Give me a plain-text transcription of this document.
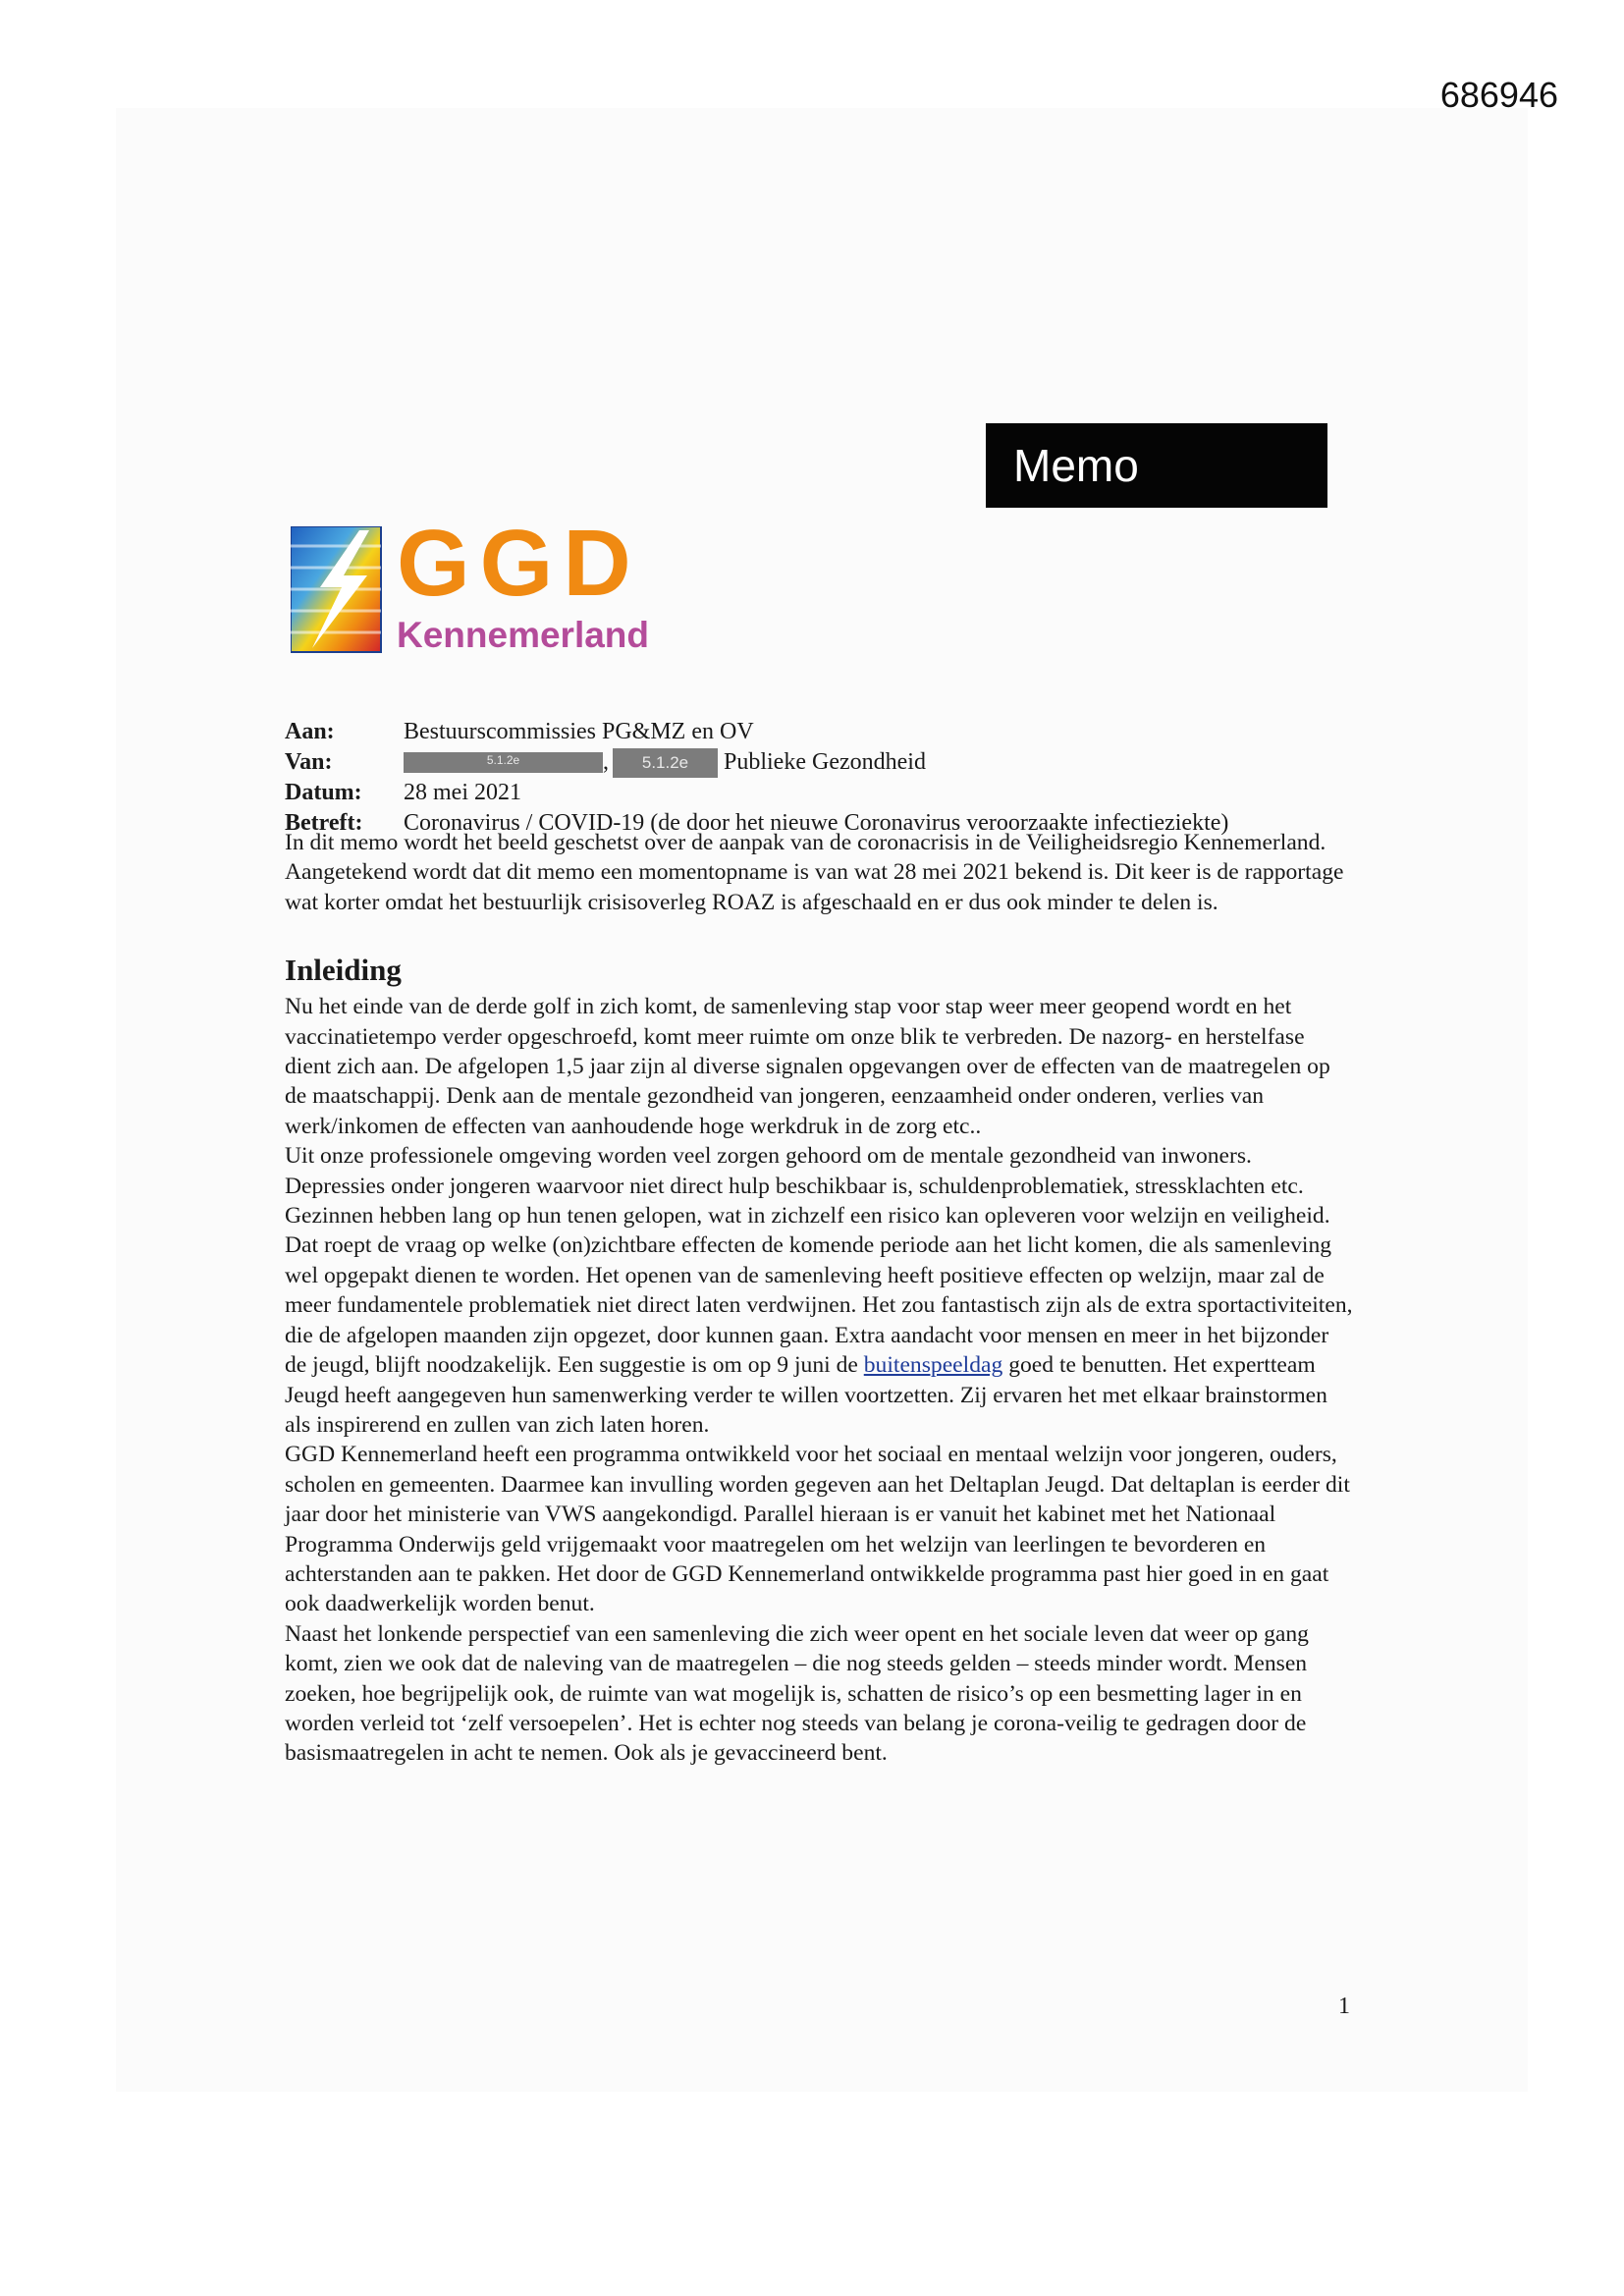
686946
Memo
GGD
Kennemerland
Aan:	Bestuurscommissies PG&MZ en OV
Van:	5.1.2e	,	5.1.2e	Publieke Gezondheid
Datum:	28 mei 2021
Betreft:	Coronavirus / COVID-19 (de door het nieuwe Coronavirus veroorzaakte infectieziekte)

In dit memo wordt het beeld geschetst over de aanpak van de coronacrisis in de Veiligheidsregio Kennemerland. Aangetekend wordt dat dit memo een momentopname is van wat 28 mei 2021 bekend is. Dit keer is de rapportage wat korter omdat het bestuurlijk crisisoverleg ROAZ is afgeschaald en er dus ook minder te delen is.

Inleiding

Nu het einde van de derde golf in zich komt, de samenleving stap voor stap weer meer geopend wordt en het vaccinatietempo verder opgeschroefd, komt meer ruimte om onze blik te verbreden. De nazorg- en herstelfase dient zich aan. De afgelopen 1,5 jaar zijn al diverse signalen opgevangen over de effecten van de maatregelen op de maatschappij. Denk aan de mentale gezondheid van jongeren, eenzaamheid onder onderen, verlies van werk/inkomen de effecten van aanhoudende hoge werkdruk in de zorg etc..

Uit onze professionele omgeving worden veel zorgen gehoord om de mentale gezondheid van inwoners. Depressies onder jongeren waarvoor niet direct hulp beschikbaar is, schuldenproblematiek, stressklachten etc. Gezinnen hebben lang op hun tenen gelopen, wat in zichzelf een risico kan opleveren voor welzijn en veiligheid. Dat roept de vraag op welke (on)zichtbare effecten de komende periode aan het licht komen, die als samenleving wel opgepakt dienen te worden. Het openen van de samenleving heeft positieve effecten op welzijn, maar zal de meer fundamentele problematiek niet direct laten verdwijnen. Het zou fantastisch zijn als de extra sportactiviteiten, die de afgelopen maanden zijn opgezet, door kunnen gaan. Extra aandacht voor mensen en meer in het bijzonder de jeugd, blijft noodzakelijk. Een suggestie is om op 9 juni de buitenspeeldag goed te benutten. Het expertteam Jeugd heeft aangegeven hun samenwerking verder te willen voortzetten. Zij ervaren het met elkaar brainstormen als inspirerend en zullen van zich laten horen.

GGD Kennemerland heeft een programma ontwikkeld voor het sociaal en mentaal welzijn voor jongeren, ouders, scholen en gemeenten. Daarmee kan invulling worden gegeven aan het Deltaplan Jeugd. Dat deltaplan is eerder dit jaar door het ministerie van VWS aangekondigd. Parallel hieraan is er vanuit het kabinet met het Nationaal Programma Onderwijs geld vrijgemaakt voor maatregelen om het welzijn van leerlingen te bevorderen en achterstanden aan te pakken. Het door de GGD Kennemerland ontwikkelde programma past hier goed in en gaat ook daadwerkelijk worden benut.

Naast het lonkende perspectief van een samenleving die zich weer opent en het sociale leven dat weer op gang komt, zien we ook dat de naleving van de maatregelen – die nog steeds gelden – steeds minder wordt. Mensen zoeken, hoe begrijpelijk ook, de ruimte van wat mogelijk is, schatten de risico’s op een besmetting lager in en worden verleid tot ‘zelf versoepelen’. Het is echter nog steeds van belang je corona-veilig te gedragen door de basismaatregelen in acht te nemen. Ook als je gevaccineerd bent.

1
